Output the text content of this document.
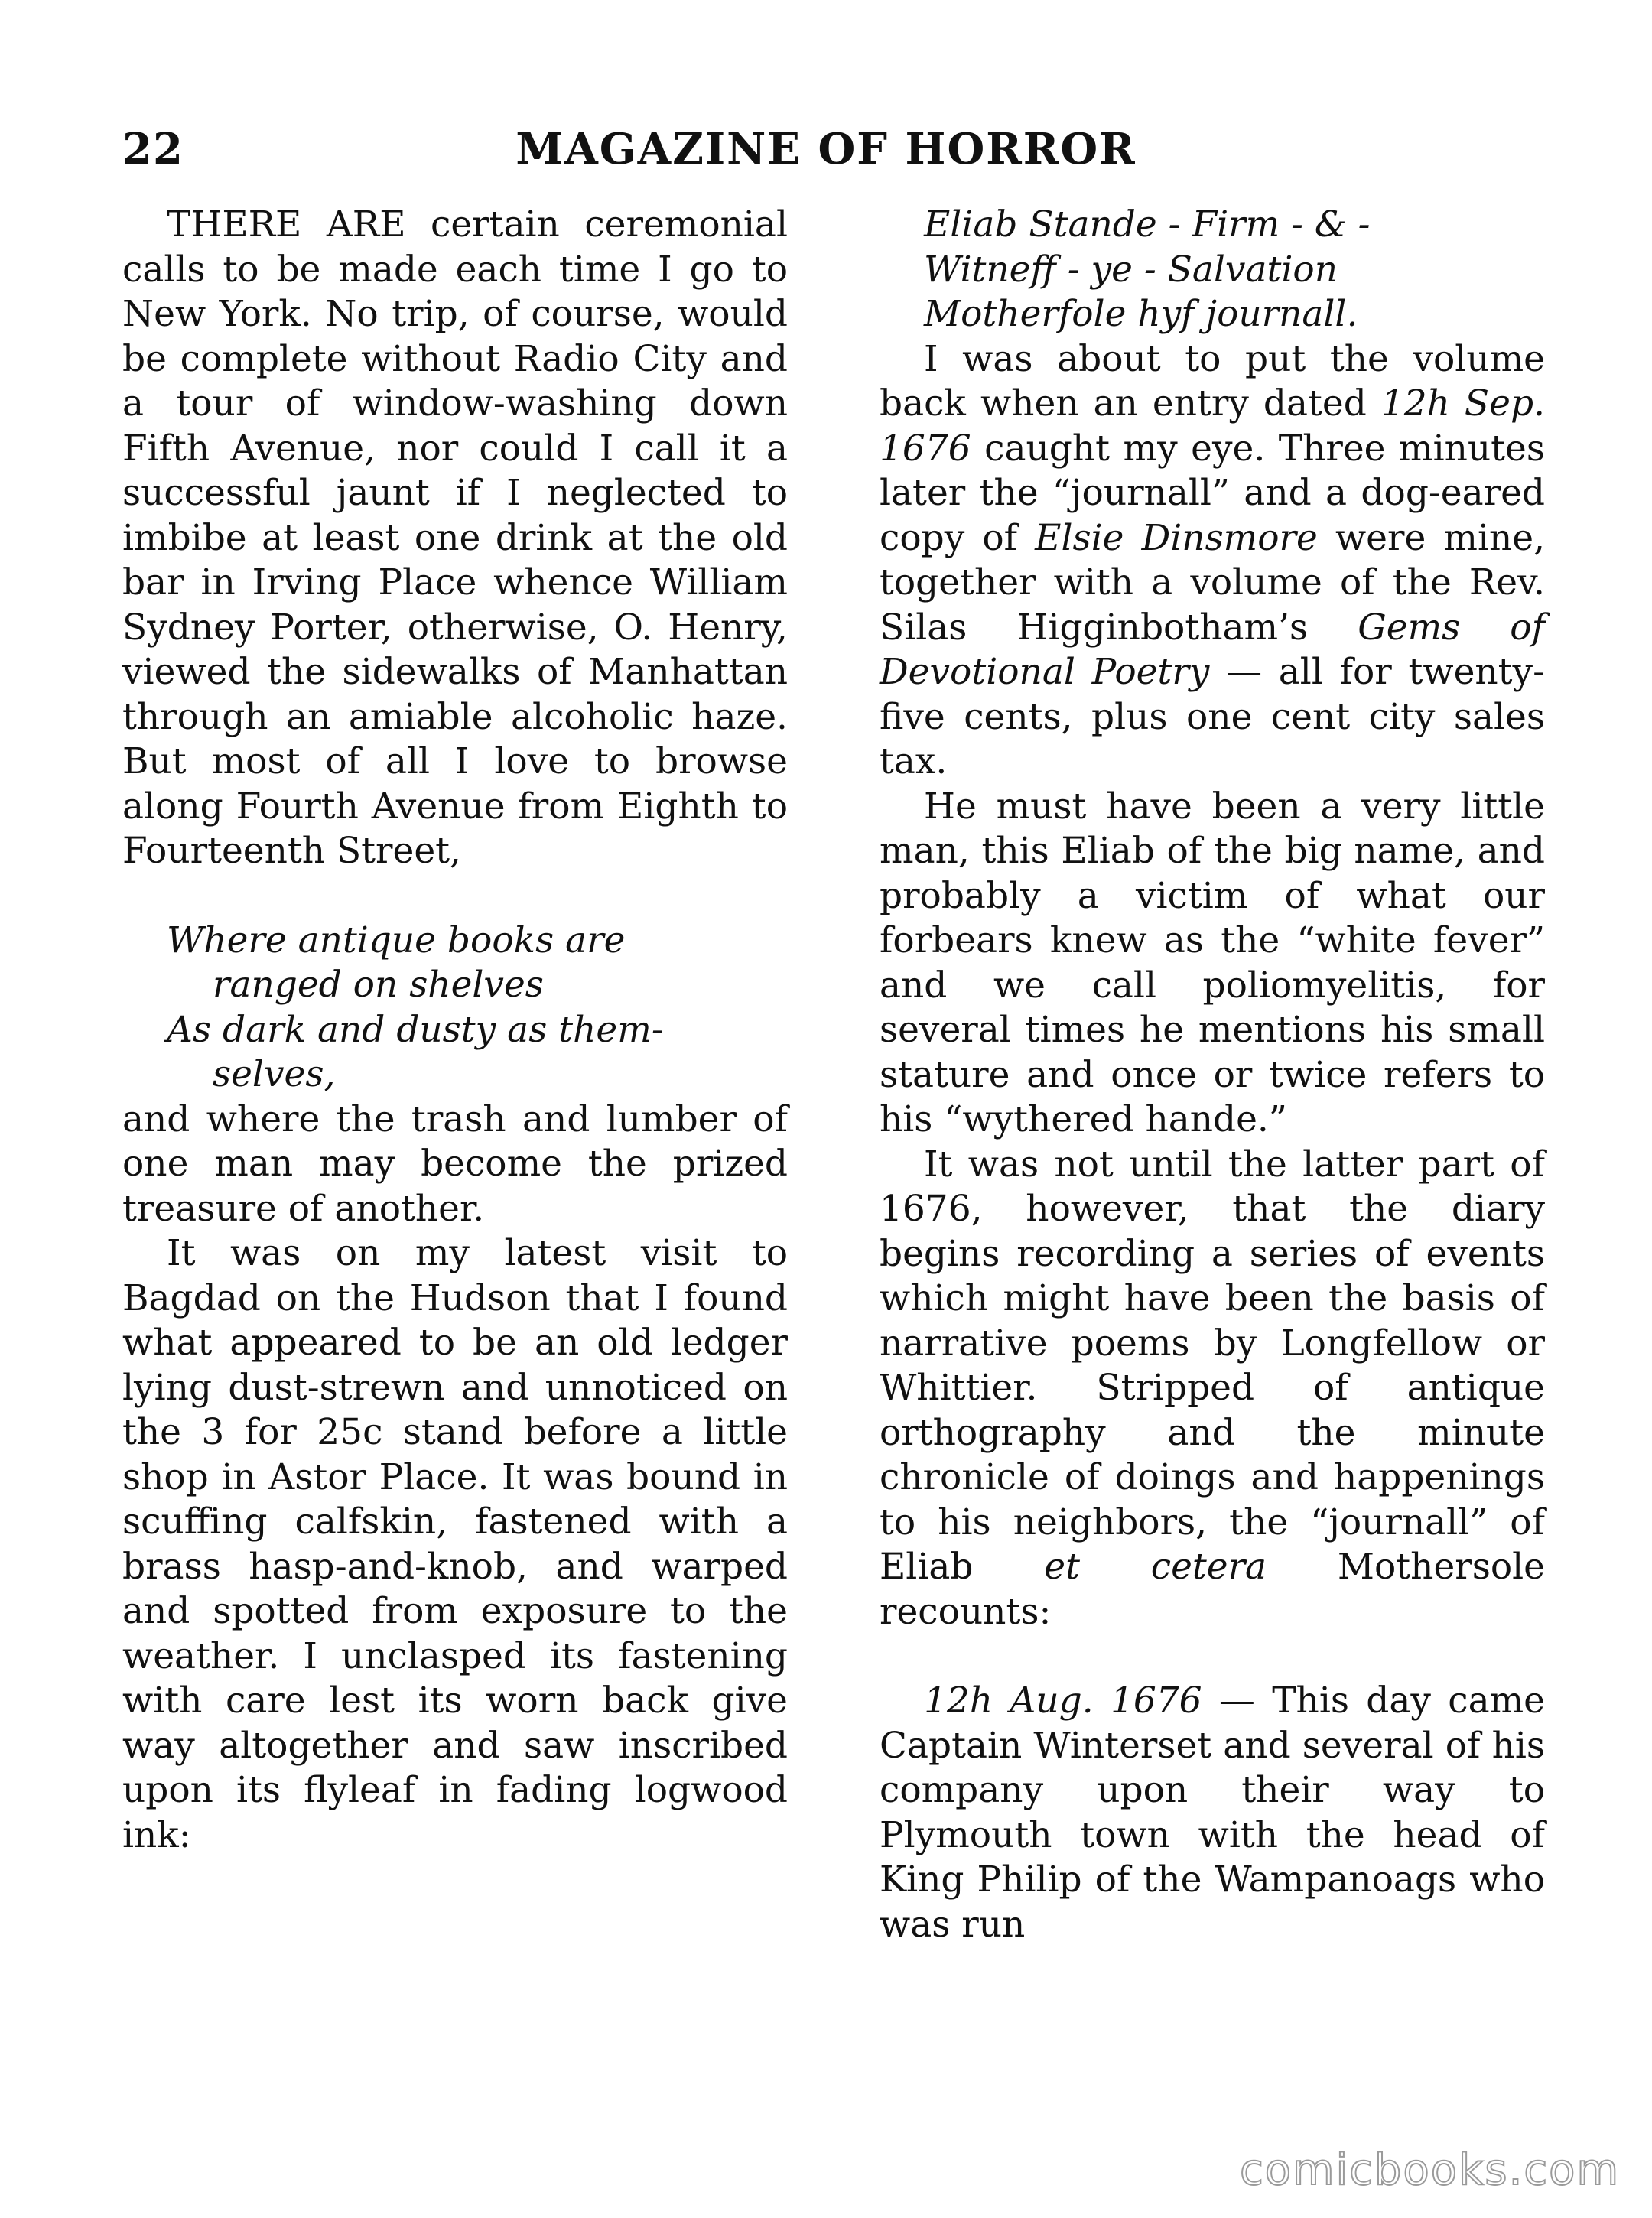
22	MAGAZINE OF HORROR

THERE ARE certain ceremonial calls to be made each time I go to New York. No trip, of course, would be complete without Radio City and a tour of window-washing down Fifth Avenue, nor could I call it a successful jaunt if I neglected to imbibe at least one drink at the old bar in Irving Place whence William Sydney Porter, otherwise, O. Henry, viewed the sidewalks of Manhattan through an amiable alcoholic haze. But most of all I love to browse along Fourth Avenue from Eighth to Fourteenth Street,

Where antique books are
ranged on shelves
As dark and dusty as them-
selves,

and where the trash and lumber of one man may become the prized treasure of another.

It was on my latest visit to Bagdad on the Hudson that I found what appeared to be an old ledger lying dust-strewn and unnoticed on the 3 for 25c stand before a little shop in Astor Place. It was bound in scuffing calfskin, fastened with a brass hasp-and-knob, and warped and spotted from exposure to the weather. I unclasped its fastening with care lest its worn back give way altogether and saw inscribed upon its flyleaf in fading logwood ink:

Eliab Stande - Firm - & -
Witneff - ye - Salvation
Motherfole hyf journall.

I was about to put the volume back when an entry dated 12h Sep. 1676 caught my eye. Three minutes later the “journall” and a dog-eared copy of Elsie Dinsmore were mine, together with a volume of the Rev. Silas Higginbotham’s Gems of Devotional Poetry — all for twenty-five cents, plus one cent city sales tax.

He must have been a very little man, this Eliab of the big name, and probably a victim of what our forbears knew as the “white fever” and we call poliomyelitis, for several times he mentions his small stature and once or twice refers to his “wythered hande.”

It was not until the latter part of 1676, however, that the diary begins recording a series of events which might have been the basis of narrative poems by Longfellow or Whittier. Stripped of antique orthography and the minute chronicle of doings and happenings to his neighbors, the “journall” of Eliab et cetera Mothersole recounts:

12h Aug. 1676 — This day came Captain Winterset and several of his company upon their way to Plymouth town with the head of King Philip of the Wampanoags who was run

comicbooks.com
